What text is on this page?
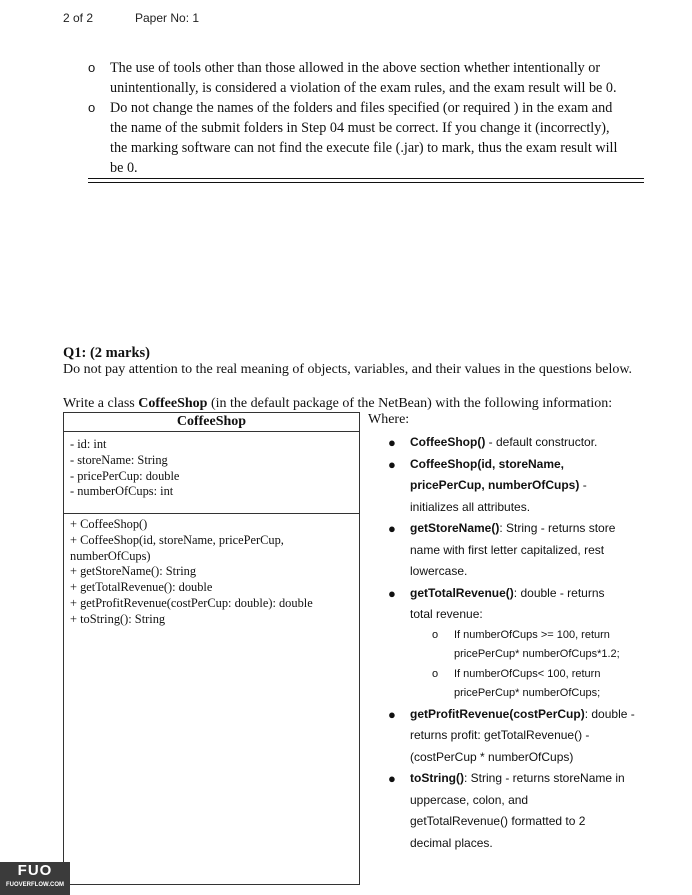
2 of 2	Paper No: 1
o The use of tools other than those allowed in the above section whether intentionally or
unintentionally, is considered a violation of the exam rules, and the exam result will be 0.
o Do not change the names of the folders and files specified (or required ) in the exam and
the name of the submit folders in Step 04 must be correct. If you change it (incorrectly),
the marking software can not find the execute file (.jar) to mark, thus the exam result will
be 0.
Q1: (2 marks)
Do not pay attention to the real meaning of objects, variables, and their values in the questions below.
Write a class CoffeeShop (in the default package of the NetBean) with the following information:
CoffeeShop

- id: int

- storeName: String

- pricePerCup: double

- numberOfCups: int

+ CoffeeShop()

+ CoffeeShop(id, storeName, pricePerCup,

numberOfCups)

+ getStoreName(): String

+ getTotalRevenue(): double

+ getProfitRevenue(costPerCup: double): double

+ toString(): String

Where:
● CoffeeShop() - default constructor.
● CoffeeShop(id, storeName,
pricePerCup, numberOfCups) -
initializes all attributes.
● getStoreName(): String - returns store
name with first letter capitalized, rest
lowercase.
● getTotalRevenue(): double - returns
total revenue:
o If numberOfCups >= 100, return
pricePerCup* numberOfCups*1.2;
o If numberOfCups< 100, return
pricePerCup* numberOfCups;
● getProfitRevenue(costPerCup): double -
returns profit: getTotalRevenue() -
(costPerCup * numberOfCups)
● toString(): String - returns storeName in
uppercase, colon, and
getTotalRevenue() formatted to 2
decimal places.
FUO
FUOVERFLOW.COM
